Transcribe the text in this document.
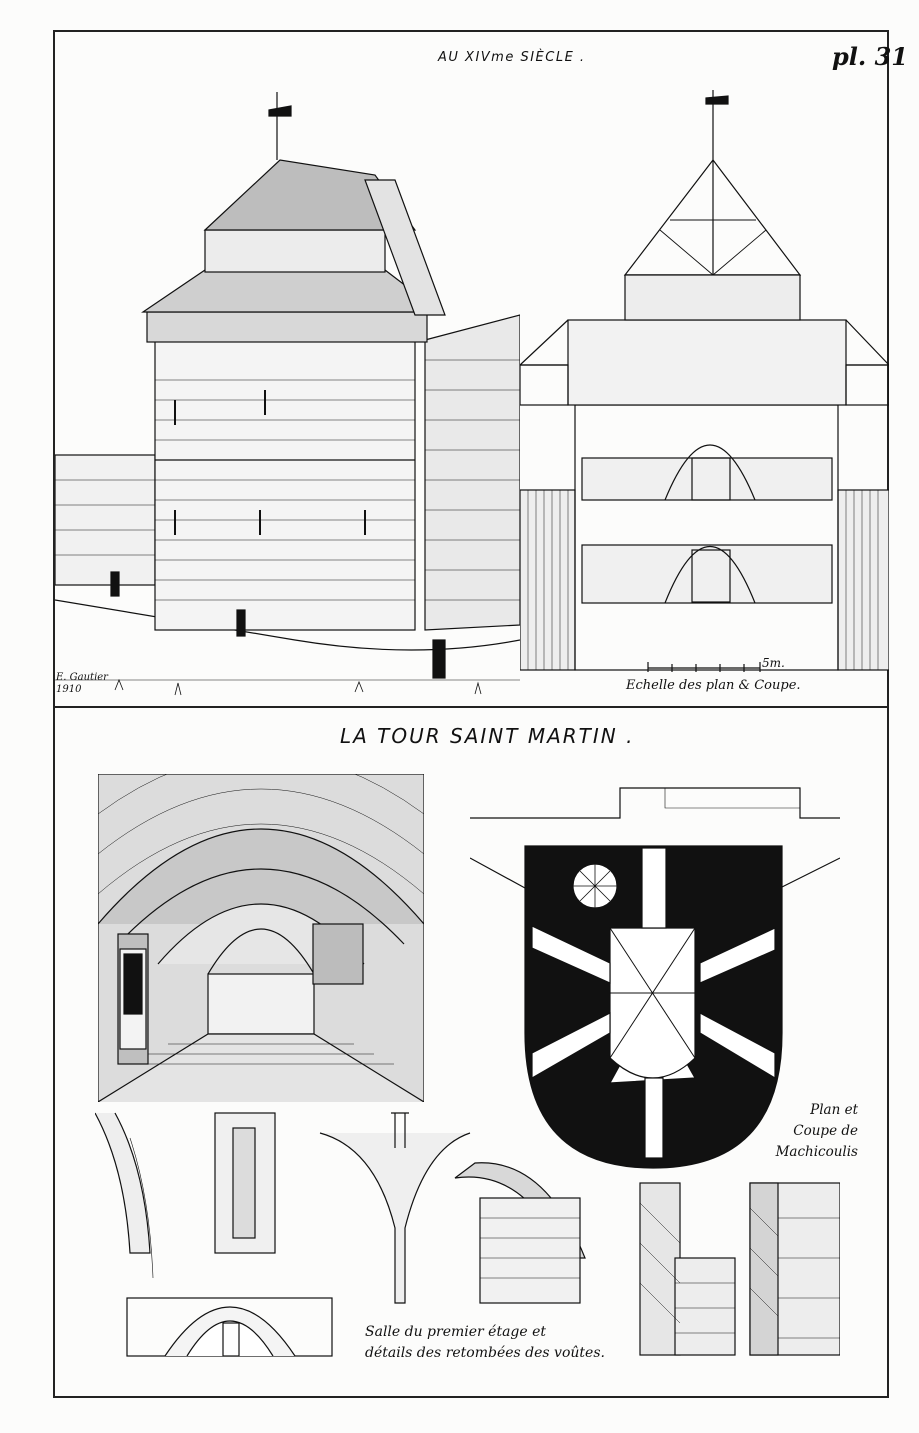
AU XIVme SIÈCLE .	pl. 31
E. Gautier
1910
5m.
Echelle des plan & Coupe.
LA TOUR SAINT MARTIN .
Plan et
Coupe de
Machicoulis
Salle du premier étage et
détails des retombées des voûtes.
